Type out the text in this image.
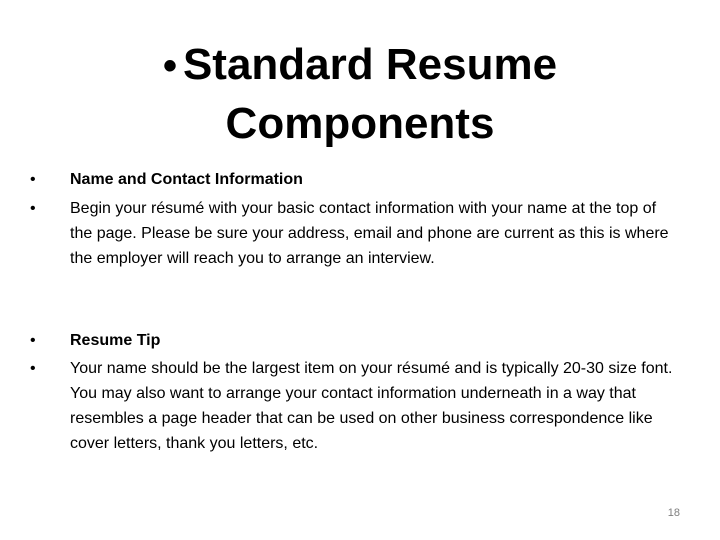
• Standard Resume Components
•	Name and Contact Information
•	Begin your résumé with your basic contact information with your name at the top of the page. Please be sure your address, email and phone are current as this is where the employer will reach you to arrange an interview.
•	Resume Tip
•	Your name should be the largest item on your résumé and is typically 20-30 size font. You may also want to arrange your contact information underneath in a way that resembles a page header that can be used on other business correspondence like cover letters, thank you letters, etc.
18
